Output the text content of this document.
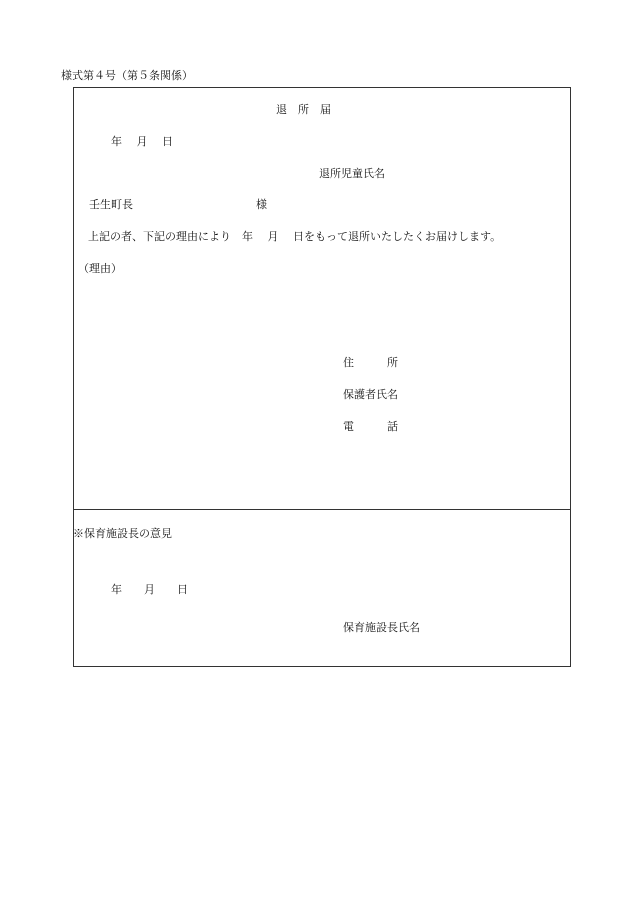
様式第４号（第５条関係）
退　所　届
年　 月　 日
退所児童氏名
壬生町長	様
上記の者、下記の理由により　年　 月　 日をもって退所いたしたくお届けします。
（理由）
住　　　所
保護者氏名
電　　　話
※保育施設長の意見
年　　月　　日
保育施設長氏名
